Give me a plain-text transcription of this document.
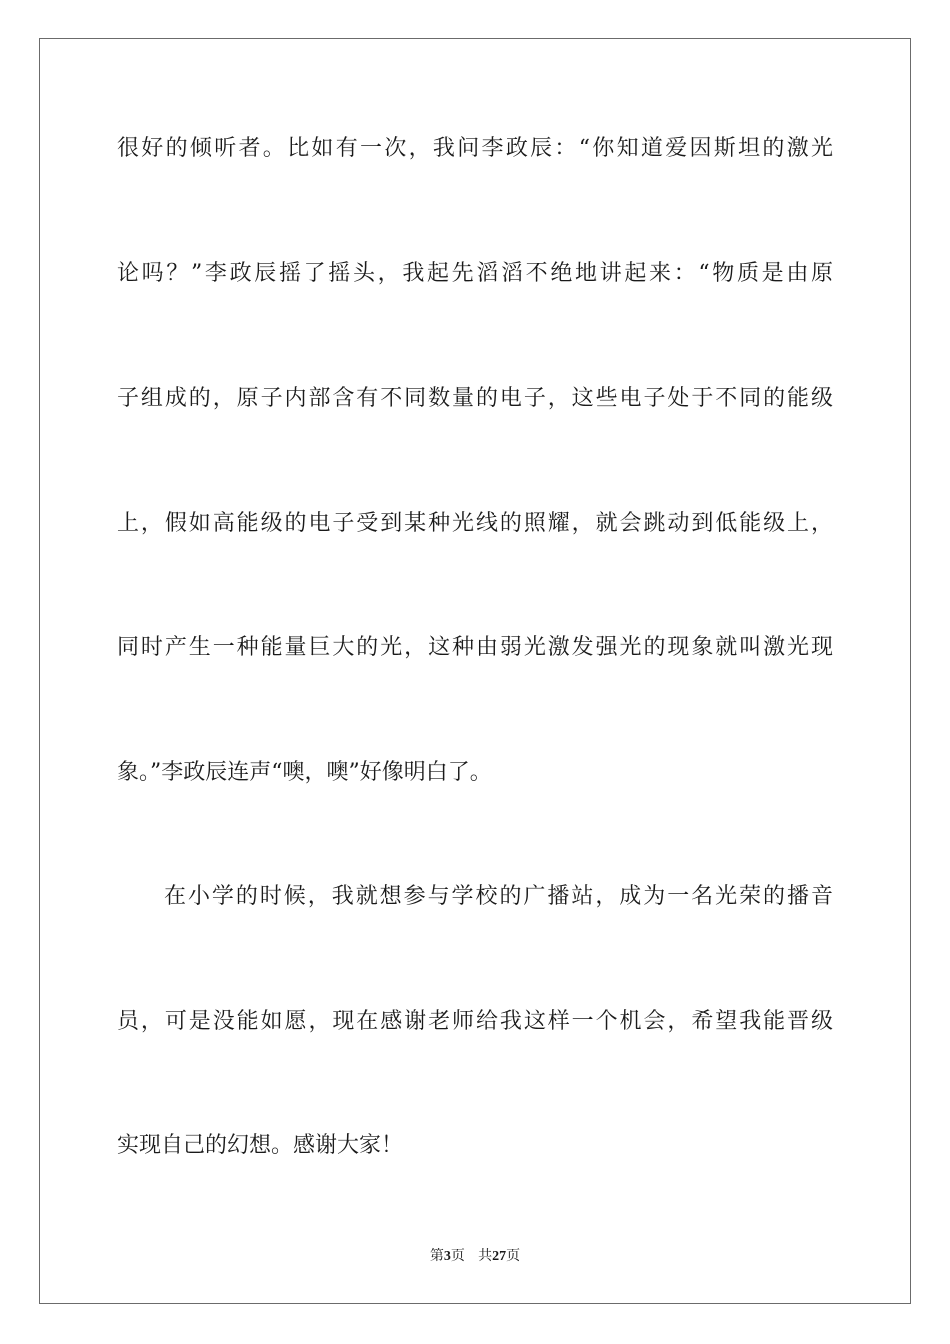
很好的倾听者。比如有一次，我问李政辰：“你知道爱因斯坦的激光
论吗？”李政辰摇了摇头，我起先滔滔不绝地讲起来：“物质是由原
子组成的，原子内部含有不同数量的电子，这些电子处于不同的能级
上，假如高能级的电子受到某种光线的照耀，就会跳动到低能级上，
同时产生一种能量巨大的光，这种由弱光激发强光的现象就叫激光现
象。”李政辰连声“噢，噢”好像明白了。
在小学的时候，我就想参与学校的广播站，成为一名光荣的播音
员，可是没能如愿，现在感谢老师给我这样一个机会，希望我能晋级
实现自己的幻想。感谢大家！
第3页 共27页
